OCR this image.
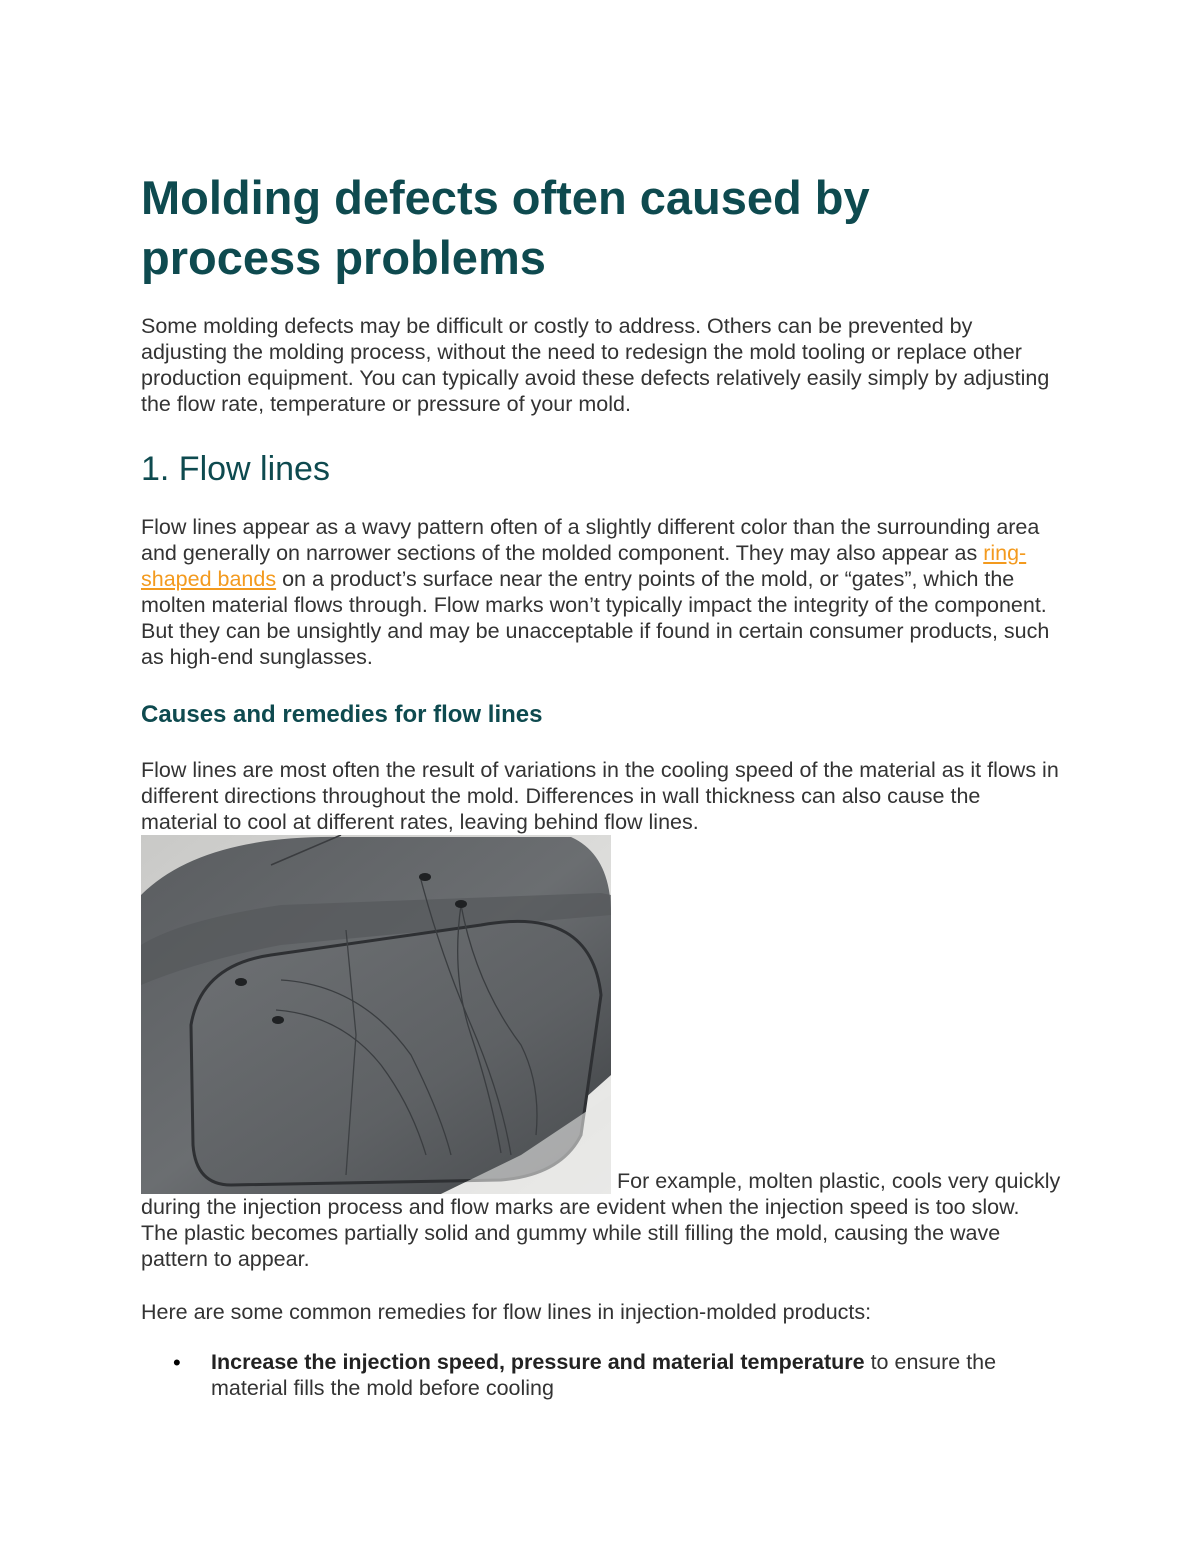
Molding defects often caused by process problems

Some molding defects may be difficult or costly to address. Others can be prevented by adjusting the molding process, without the need to redesign the mold tooling or replace other production equipment. You can typically avoid these defects relatively easily simply by adjusting the flow rate, temperature or pressure of your mold.

1. Flow lines

Flow lines appear as a wavy pattern often of a slightly different color than the surrounding area and generally on narrower sections of the molded component. They may also appear as ring-shaped bands on a product’s surface near the entry points of the mold, or “gates”, which the molten material flows through. Flow marks won’t typically impact the integrity of the component. But they can be unsightly and may be unacceptable if found in certain consumer products, such as high-end sunglasses.

Causes and remedies for flow lines

Flow lines are most often the result of variations in the cooling speed of the material as it flows in different directions throughout the mold. Differences in wall thickness can also cause the material to cool at different rates, leaving behind flow lines.

For example, molten plastic, cools very quickly during the injection process and flow marks are evident when the injection speed is too slow. The plastic becomes partially solid and gummy while still filling the mold, causing the wave pattern to appear.

Here are some common remedies for flow lines in injection-molded products:

• Increase the injection speed, pressure and material temperature to ensure the material fills the mold before cooling
